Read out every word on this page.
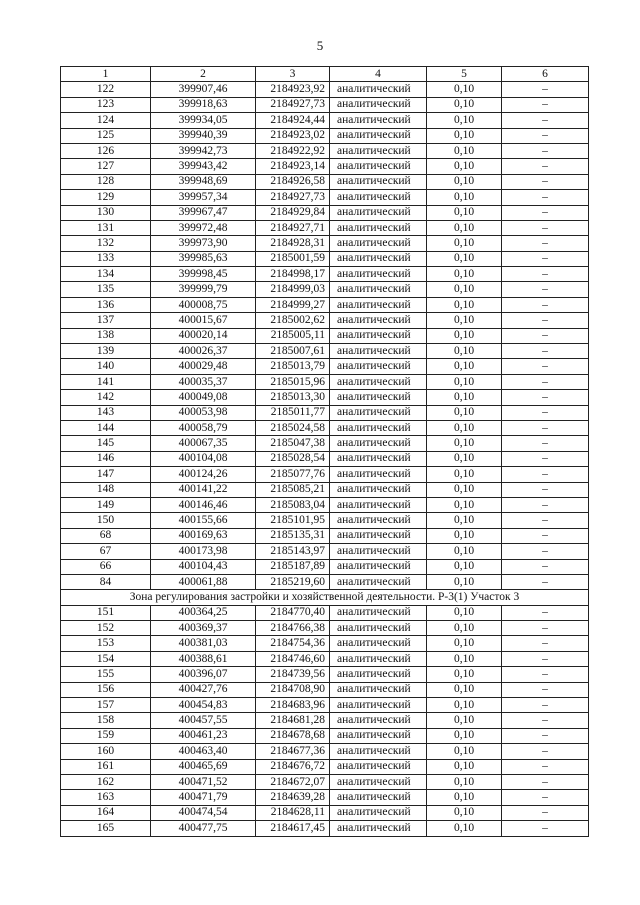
5
1	2	3	4	5	6
122	399907,46	2184923,92	аналитический	0,10	–
123	399918,63	2184927,73	аналитический	0,10	–
124	399934,05	2184924,44	аналитический	0,10	–
125	399940,39	2184923,02	аналитический	0,10	–
126	399942,73	2184922,92	аналитический	0,10	–
127	399943,42	2184923,14	аналитический	0,10	–
128	399948,69	2184926,58	аналитический	0,10	–
129	399957,34	2184927,73	аналитический	0,10	–
130	399967,47	2184929,84	аналитический	0,10	–
131	399972,48	2184927,71	аналитический	0,10	–
132	399973,90	2184928,31	аналитический	0,10	–
133	399985,63	2185001,59	аналитический	0,10	–
134	399998,45	2184998,17	аналитический	0,10	–
135	399999,79	2184999,03	аналитический	0,10	–
136	400008,75	2184999,27	аналитический	0,10	–
137	400015,67	2185002,62	аналитический	0,10	–
138	400020,14	2185005,11	аналитический	0,10	–
139	400026,37	2185007,61	аналитический	0,10	–
140	400029,48	2185013,79	аналитический	0,10	–
141	400035,37	2185015,96	аналитический	0,10	–
142	400049,08	2185013,30	аналитический	0,10	–
143	400053,98	2185011,77	аналитический	0,10	–
144	400058,79	2185024,58	аналитический	0,10	–
145	400067,35	2185047,38	аналитический	0,10	–
146	400104,08	2185028,54	аналитический	0,10	–
147	400124,26	2185077,76	аналитический	0,10	–
148	400141,22	2185085,21	аналитический	0,10	–
149	400146,46	2185083,04	аналитический	0,10	–
150	400155,66	2185101,95	аналитический	0,10	–
68	400169,63	2185135,31	аналитический	0,10	–
67	400173,98	2185143,97	аналитический	0,10	–
66	400104,43	2185187,89	аналитический	0,10	–
84	400061,88	2185219,60	аналитический	0,10	–
Зона регулирования застройки и хозяйственной деятельности. Р-3(1) Участок 3					
151	400364,25	2184770,40	аналитический	0,10	–
152	400369,37	2184766,38	аналитический	0,10	–
153	400381,03	2184754,36	аналитический	0,10	–
154	400388,61	2184746,60	аналитический	0,10	–
155	400396,07	2184739,56	аналитический	0,10	–
156	400427,76	2184708,90	аналитический	0,10	–
157	400454,83	2184683,96	аналитический	0,10	–
158	400457,55	2184681,28	аналитический	0,10	–
159	400461,23	2184678,68	аналитический	0,10	–
160	400463,40	2184677,36	аналитический	0,10	–
161	400465,69	2184676,72	аналитический	0,10	–
162	400471,52	2184672,07	аналитический	0,10	–
163	400471,79	2184639,28	аналитический	0,10	–
164	400474,54	2184628,11	аналитический	0,10	–
165	400477,75	2184617,45	аналитический	0,10	–
